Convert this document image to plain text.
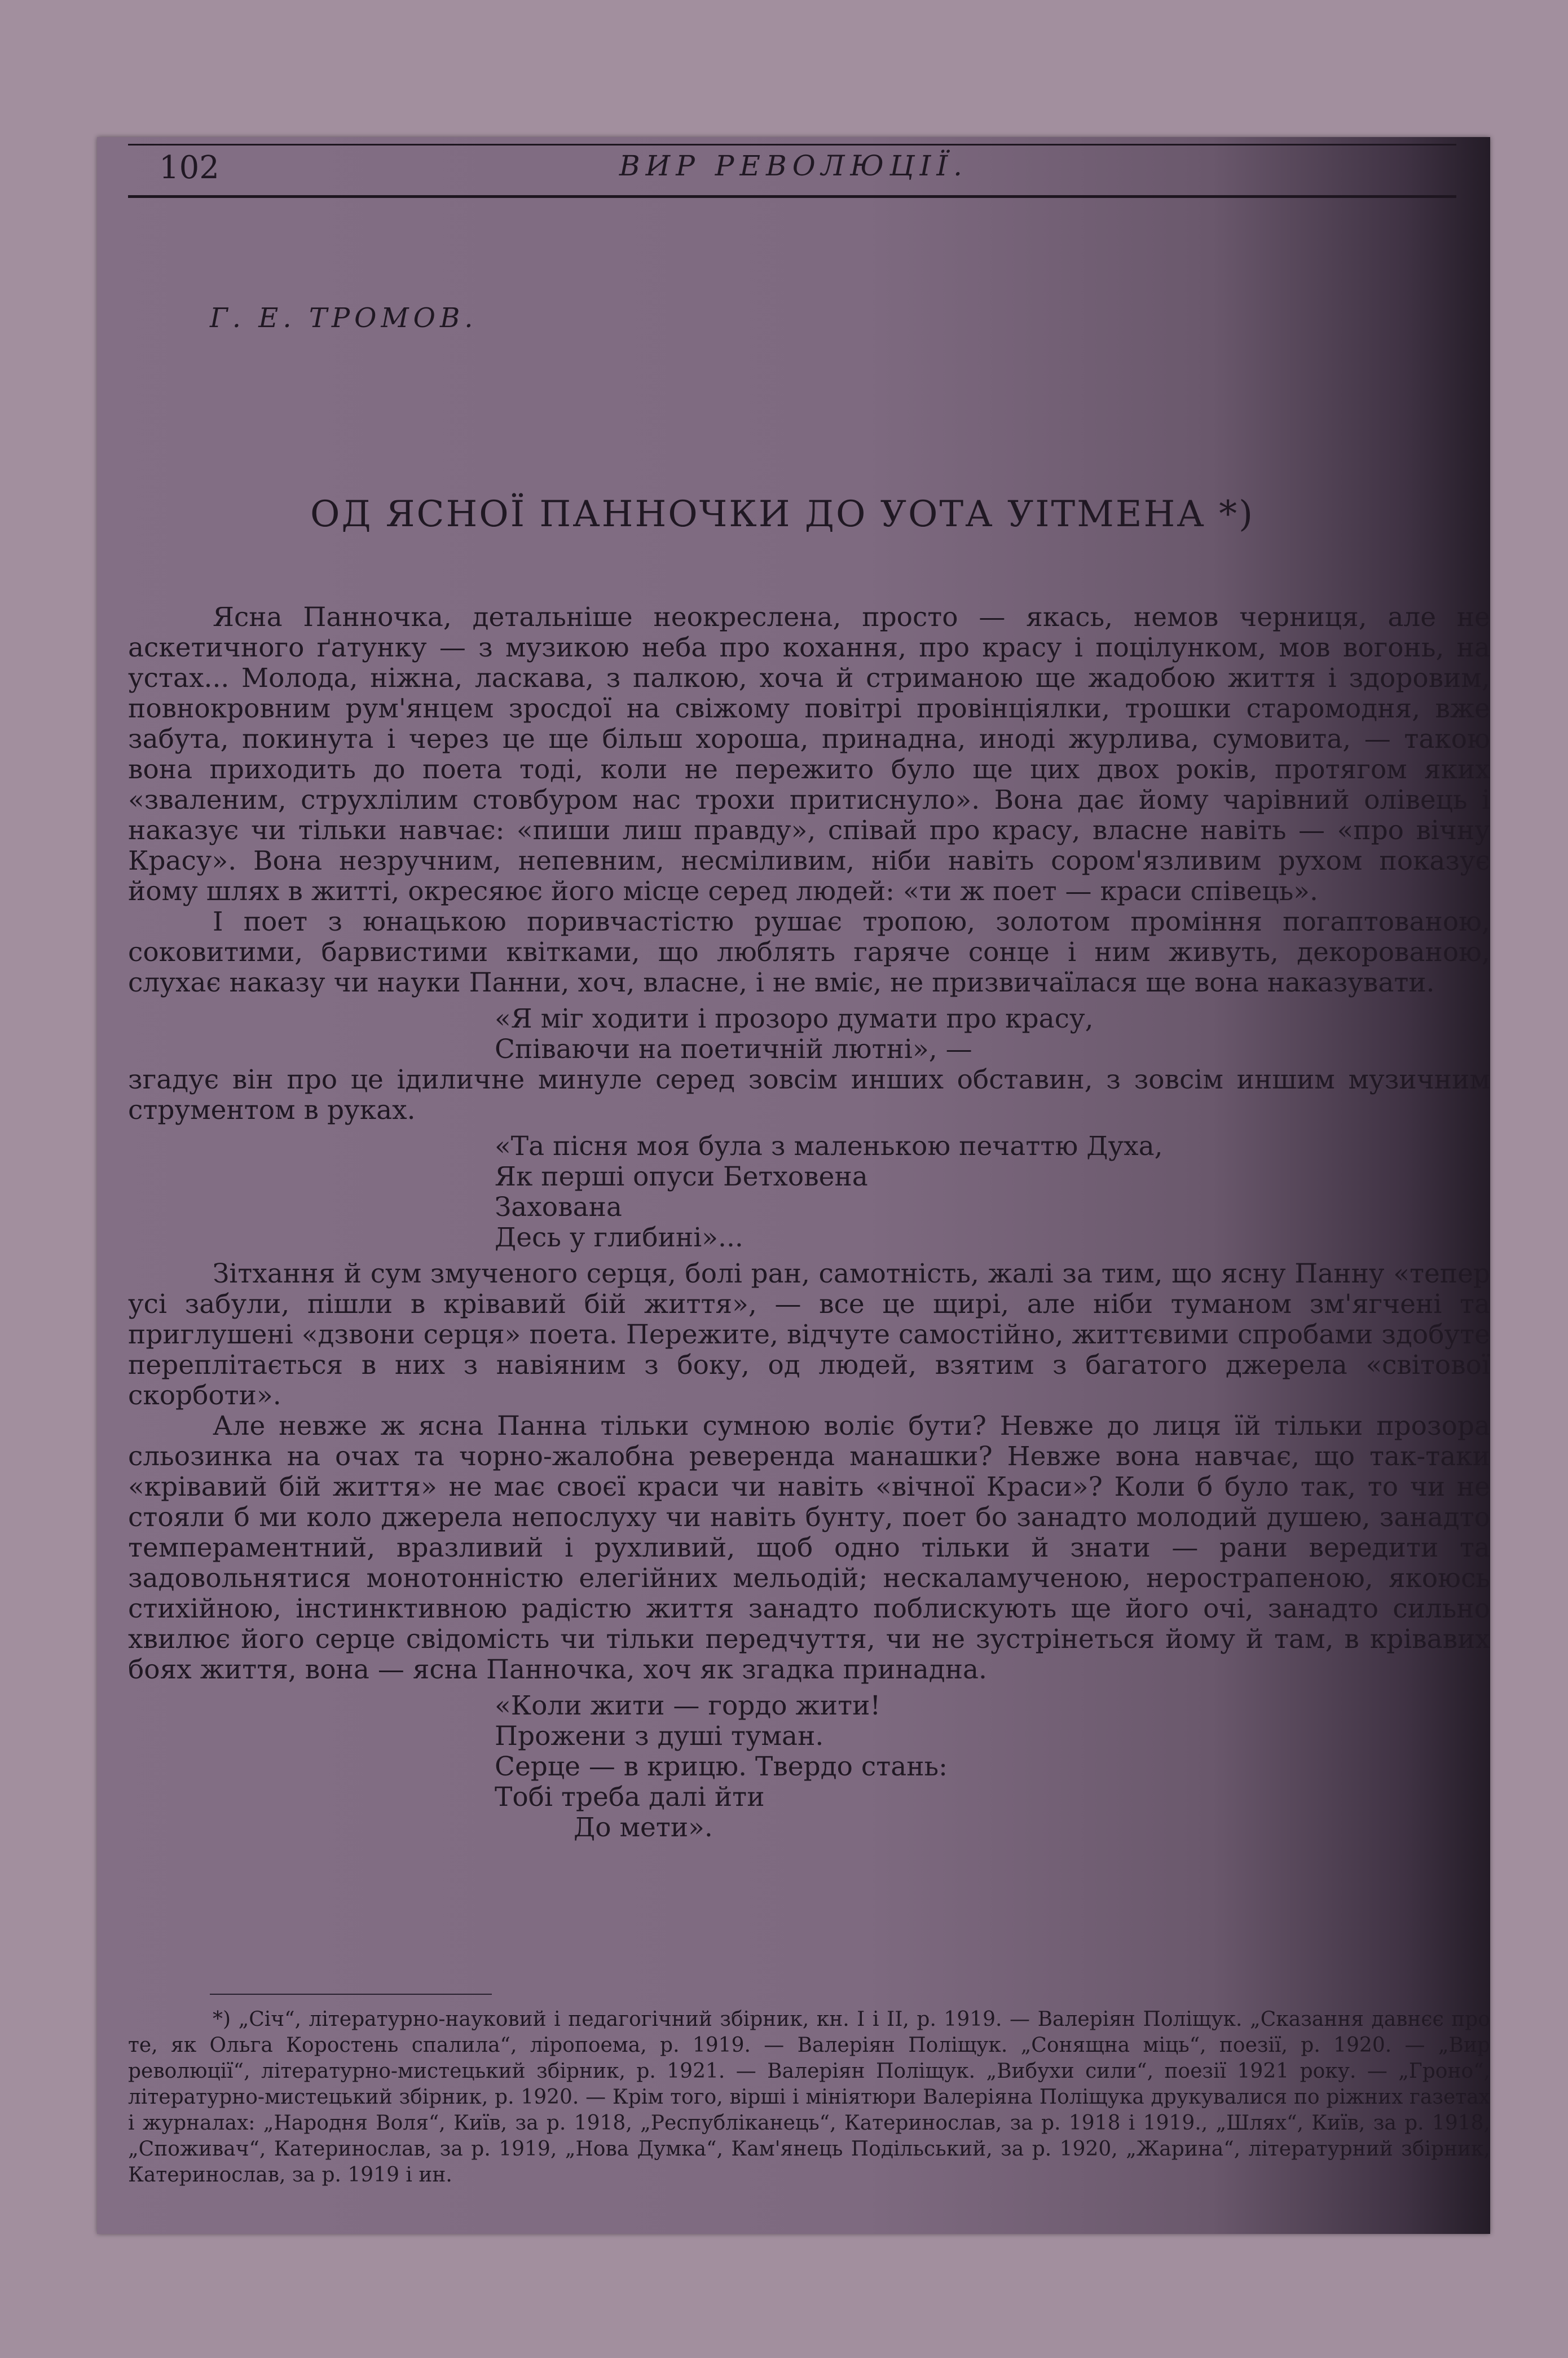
102	ВИР РЕВОЛЮЦІЇ.
Г. Е. ТРОМОВ.
ОД ЯСНОЇ ПАННОЧКИ ДО УОТА УІТМЕНА *)

Ясна Панночка, детальніше неокреслена, просто — якась, немов черниця, але не аскетичного ґатунку — з музикою неба про кохання, про красу і поцілунком, мов вогонь, на устах... Молода, ніжна, ласкава, з палкою, хоча й стриманою ще жадобою життя і здоровим, повнокровним рум'янцем зросдої на свіжому повітрі провінціялки, трошки старомодня, вже забута, покинута і через це ще більш хороша, принадна, иноді журлива, сумовита, — такою вона приходить до поета тоді, коли не пережито було ще цих двох років, протягом яких «зваленим, струхлілим стовбуром нас трохи притиснуло». Вона дає йому чарівний олівець і наказує чи тільки навчає: «пиши лиш правду», співай про красу, власне навіть — «про вічну Красу». Вона незручним, непевним, несміливим, ніби навіть сором'язливим рухом показує йому шлях в житті, окресяює його місце серед людей: «ти ж поет — краси співець».

І поет з юнацькою поривчастістю рушає тропою, золотом проміння погаптованою, соковитими, барвистими квітками, що люблять гаряче сонце і ним живуть, декорованою, слухає наказу чи науки Панни, хоч, власне, і не вміє, не призвичаїлася ще вона наказувати.

«Я міг ходити і прозоро думати про красу,
Співаючи на поетичній лютні», —

згадує він про це ідиличне минуле серед зовсім инших обставин, з зовсім иншим музичним струментом в руках.

«Та пісня моя була з маленькою печаттю Духа,
Як перші опуси Бетховена
Захована
Десь у глибині»...

Зітхання й сум змученого серця, болі ран, самотність, жалі за тим, що ясну Панну «тепер усі забули, пішли в крівавий бій життя», — все це щирі, але ніби туманом зм'ягчені та приглушені «дзвони серця» поета. Пережите, відчуте самостійно, життєвими спробами здобуте переплітається в них з навіяним з боку, од людей, взятим з багатого джерела «світової скорботи».

Але невже ж ясна Панна тільки сумною воліє бути? Невже до лиця їй тільки прозора сльозинка на очах та чорно-жалобна реверенда манашки? Невже вона навчає, що так-таки «крівавий бій життя» не має своєї краси чи навіть «вічної Краси»? Коли б було так, то чи не стояли б ми коло джерела непослуху чи навіть бунту, поет бо занадто молодий душею, занадто темпераментний, вразливий і рухливий, щоб одно тільки й знати — рани вередити та задовольнятися монотонністю елегійних мельодій; нескаламученою, нерострапеною, якоюсь стихійною, інстинктивною радістю життя занадто поблискують ще його очі, занадто сильно хвилює його серце свідомість чи тільки передчуття, чи не зустрінеться йому й там, в крівавих боях життя, вона — ясна Панночка, хоч як згадка принадна.

«Коли жити — гордо жити!
Прожени з душі туман.
Серце — в крицю. Твердо стань:
Тобі треба далі йти
До мети».
*) „Січ“, літературно-науковий і педагогічний збірник, кн. І і ІІ, р. 1919. — Валеріян Поліщук. „Сказання давнєє про те, як Ольга Коростень спалила“, ліропоема, р. 1919. — Валеріян Поліщук. „Сонящна міць“, поезії, р. 1920. — „Вир революції“, літературно-мистецький збірник, р. 1921. — Валеріян Поліщук. „Вибухи сили“, поезії 1921 року. — „Гроно“, літературно-мистецький збірник, р. 1920. — Крім того, вірші і мініятюри Валеріяна Поліщука друкувалися по ріжних газетах і журналах: „Народня Воля“, Київ, за р. 1918, „Республіканець“, Катеринослав, за р. 1918 і 1919., „Шлях“, Київ, за р. 1918, „Споживач“, Катеринослав, за р. 1919, „Нова Думка“, Кам'янець Подільський, за р. 1920, „Жарина“, літературний збірник, Катеринослав, за р. 1919 і ин.
